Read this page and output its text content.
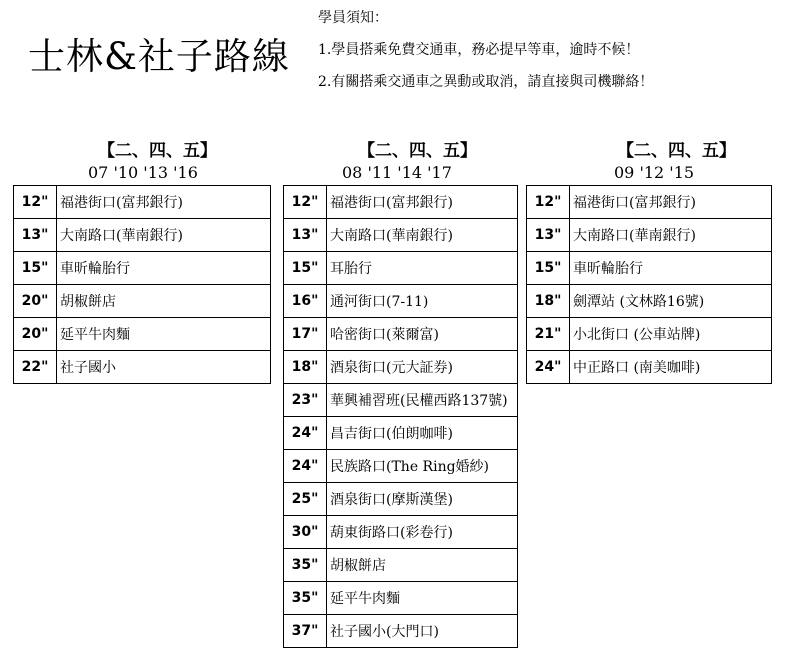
士林&社子路線
學員須知：
1.學員搭乘免費交通車，務必提早等車，逾時不候！
2.有關搭乘交通車之異動或取消，請直接與司機聯絡！
【二、四、五】
07 '10 '13 '16
12"	福港街口(富邦銀行)
13"	大南路口(華南銀行)
15"	車昕輪胎行
20"	胡椒餅店
20"	延平牛肉麵
22"	社子國小
【二、四、五】
08 '11 '14 '17
12"	福港街口(富邦銀行)
13"	大南路口(華南銀行)
15"	耳胎行
16"	通河街口(7-11)
17"	哈密街口(萊爾富)
18"	酒泉街口(元大証券)
23"	華興補習班(民權西路137號)
24"	昌吉街口(伯朗咖啡)
24"	民族路口(The Ring婚紗)
25"	酒泉街口(摩斯漢堡)
30"	葫東街路口(彩卷行)
35"	胡椒餅店
35"	延平牛肉麵
37"	社子國小(大門口)
【二、四、五】
09 '12 '15
12"	福港街口(富邦銀行)
13"	大南路口(華南銀行)
15"	車昕輪胎行
18"	劍潭站 (文林路16號)
21"	小北街口 (公車站牌)
24"	中正路口 (南美咖啡)
